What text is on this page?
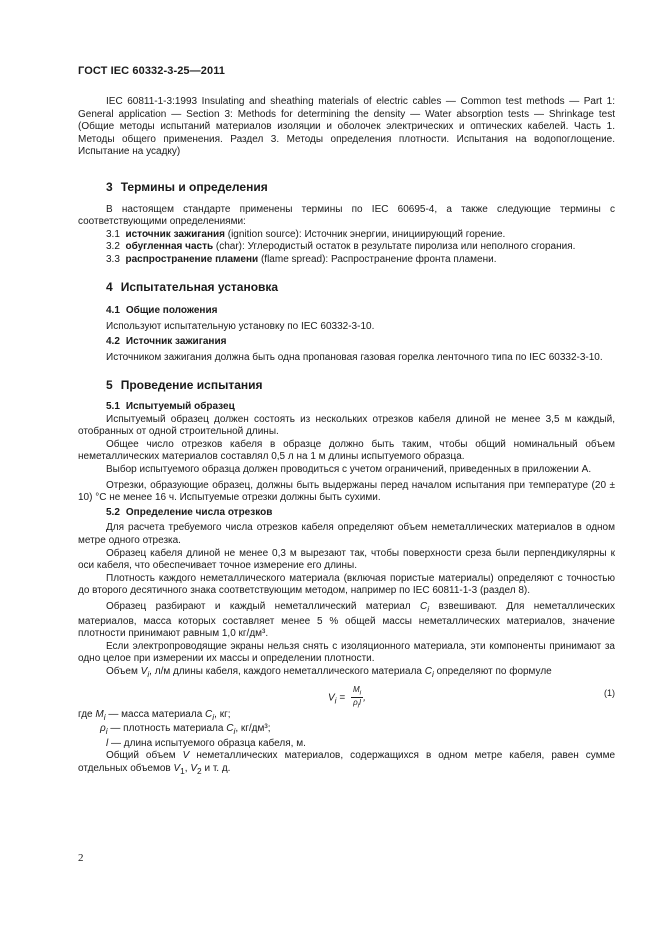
ГОСТ IEC 60332-3-25—2011

IEC 60811-1-3:1993 Insulating and sheathing materials of electric cables — Common test methods — Part 1: General application — Section 3: Methods for determining the density — Water absorption tests — Shrinkage test (Общие методы испытаний материалов изоляции и оболочек электрических и оптических кабелей. Часть 1. Методы общего применения. Раздел 3. Методы определения плотности. Испытания на водопоглощение. Испытание на усадку)

3 Термины и определения

В настоящем стандарте применены термины по IEC 60695-4, а также следующие термины с соответствующими определениями:

3.1 источник зажигания (ignition source): Источник энергии, инициирующий горение.

3.2 обугленная часть (char): Углеродистый остаток в результате пиролиза или неполного сгорания.

3.3 распространение пламени (flame spread): Распространение фронта пламени.

4 Испытательная установка

4.1 Общие положения

Используют испытательную установку по IEC 60332-3-10.

4.2 Источник зажигания

Источником зажигания должна быть одна пропановая газовая горелка ленточного типа по IEC 60332-3-10.

5 Проведение испытания

5.1 Испытуемый образец

Испытуемый образец должен состоять из нескольких отрезков кабеля длиной не менее 3,5 м каждый, отобранных от одной строительной длины.

Общее число отрезков кабеля в образце должно быть таким, чтобы общий номинальный объем неметаллических материалов составлял 0,5 л на 1 м длины испытуемого образца.

Выбор испытуемого образца должен проводиться с учетом ограничений, приведенных в приложении А.

Отрезки, образующие образец, должны быть выдержаны перед началом испытания при температуре (20 ± 10) °С не менее 16 ч. Испытуемые отрезки должны быть сухими.

5.2 Определение числа отрезков

Для расчета требуемого числа отрезков кабеля определяют объем неметаллических материалов в одном метре одного отрезка.

Образец кабеля длиной не менее 0,3 м вырезают так, чтобы поверхности среза были перпендикулярны к оси кабеля, что обеспечивает точное измерение его длины.

Плотность каждого неметаллического материала (включая пористые материалы) определяют с точностью до второго десятичного знака соответствующим методом, например по IEC 60811-1-3 (раздел 8).

Образец разбирают и каждый неметаллический материал $C_i$ взвешивают. Для неметаллических материалов, масса которых составляет менее 5 % общей массы неметаллических материалов, значение плотности принимают равным 1,0 кг/дм³.

Если электропроводящие экраны нельзя снять с изоляционного материала, эти компоненты принимают за одно целое при измерении их массы и определении плотности.

Объем $V_i$, л/м длины кабеля, каждого неметаллического материала $C_i$ определяют по формуле

$V_i = \frac{M_i}{\rho_il}$ ,	(1)

где $M_i$ — масса материала $C_i$, кг;

$\rho_i$ — плотность материала $C_i$, кг/дм³;

l — длина испытуемого образца кабеля, м.

Общий объем V неметаллических материалов, содержащихся в одном метре кабеля, равен сумме отдельных объемов $V_1$, $V_2$ и т. д.

2
